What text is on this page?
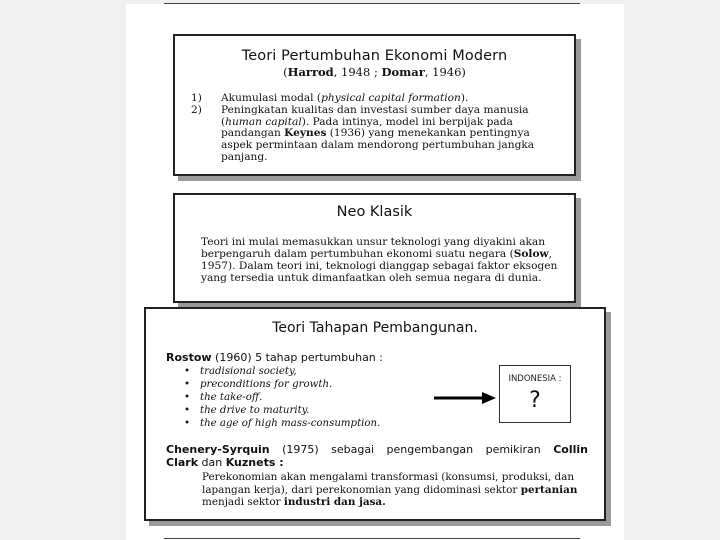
Teori Pertumbuhan Ekonomi Modern
(Harrod, 1948 ; Domar, 1946)
1)	Akumulasi modal (physical capital formation).
2)	Peningkatan kualitas dan investasi sumber daya manusia (human capital). Pada intinya, model ini berpijak pada pandangan Keynes (1936) yang menekankan pentingnya aspek permintaan dalam mendorong pertumbuhan jangka panjang.
Neo Klasik

Teori ini mulai memasukkan unsur teknologi yang diyakini akan berpengaruh dalam pertumbuhan ekonomi suatu negara (Solow, 1957). Dalam teori ini, teknologi dianggap sebagai faktor eksogen yang tersedia untuk dimanfaatkan oleh semua negara di dunia.

Teori Tahapan Pembangunan.
Rostow (1960) 5 tahap pertumbuhan :
• tradisional society,
• preconditions for growth.
• the take-off.
• the drive to maturity.
• the age of high mass-consumption.
INDONESIA :
?
Chenery-Syrquin (1975) sebagai pengembangan pemikiran Collin
Clark dan Kuznets :

Perekonomian akan mengalami transformasi (konsumsi, produksi, dan lapangan kerja), dari perekonomian yang didominasi sektor pertanian menjadi sektor industri dan jasa.
